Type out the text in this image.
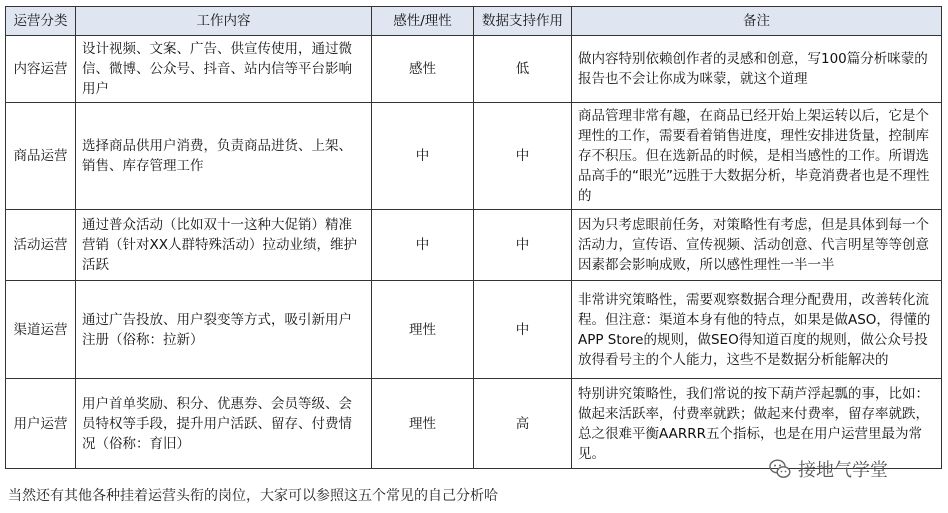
运营分类	工作内容	感性/理性	数据支持作用	备注
内容运营	设计视频、文案、广告、供宣传使用，通过微信、微博、公众号、抖音、站内信等平台影响用户	感性	低	做内容特别依赖创作者的灵感和创意，写100篇分析咪蒙的报告也不会让你成为咪蒙，就这个道理
商品运营	选择商品供用户消费，负责商品进货、上架、销售、库存管理工作	中	中	商品管理非常有趣，在商品已经开始上架运转以后，它是个理性的工作，需要看着销售进度，理性安排进货量，控制库存不积压。但在选新品的时候，是相当感性的工作。所谓选品高手的“眼光”远胜于大数据分析，毕竟消费者也是不理性的
活动运营	通过普众活动（比如双十一这种大促销）精准营销（针对XX人群特殊活动）拉动业绩，维护活跃	中	中	因为只考虑眼前任务，对策略性有考虑，但是具体到每一个活动力，宣传语、宣传视频、活动创意、代言明星等等创意因素都会影响成败，所以感性理性一半一半
渠道运营	通过广告投放、用户裂变等方式，吸引新用户注册（俗称：拉新）	理性	中	非常讲究策略性，需要观察数据合理分配费用，改善转化流程。但注意：渠道本身有他的特点，如果是做ASO，得懂的APP Store的规则，做SEO得知道百度的规则，做公众号投放得看号主的个人能力，这些不是数据分析能解决的
用户运营	用户首单奖励、积分、优惠券、会员等级、会员特权等手段，提升用户活跃、留存、付费情况（俗称：育旧）	理性	高	特别讲究策略性，我们常说的按下葫芦浮起瓢的事，比如：做起来活跃率，付费率就跌；做起来付费率，留存率就跌，总之很难平衡AARRR五个指标，也是在用户运营里最为常见。
接地气学堂
当然还有其他各种挂着运营头衔的岗位，大家可以参照这五个常见的自己分析哈
